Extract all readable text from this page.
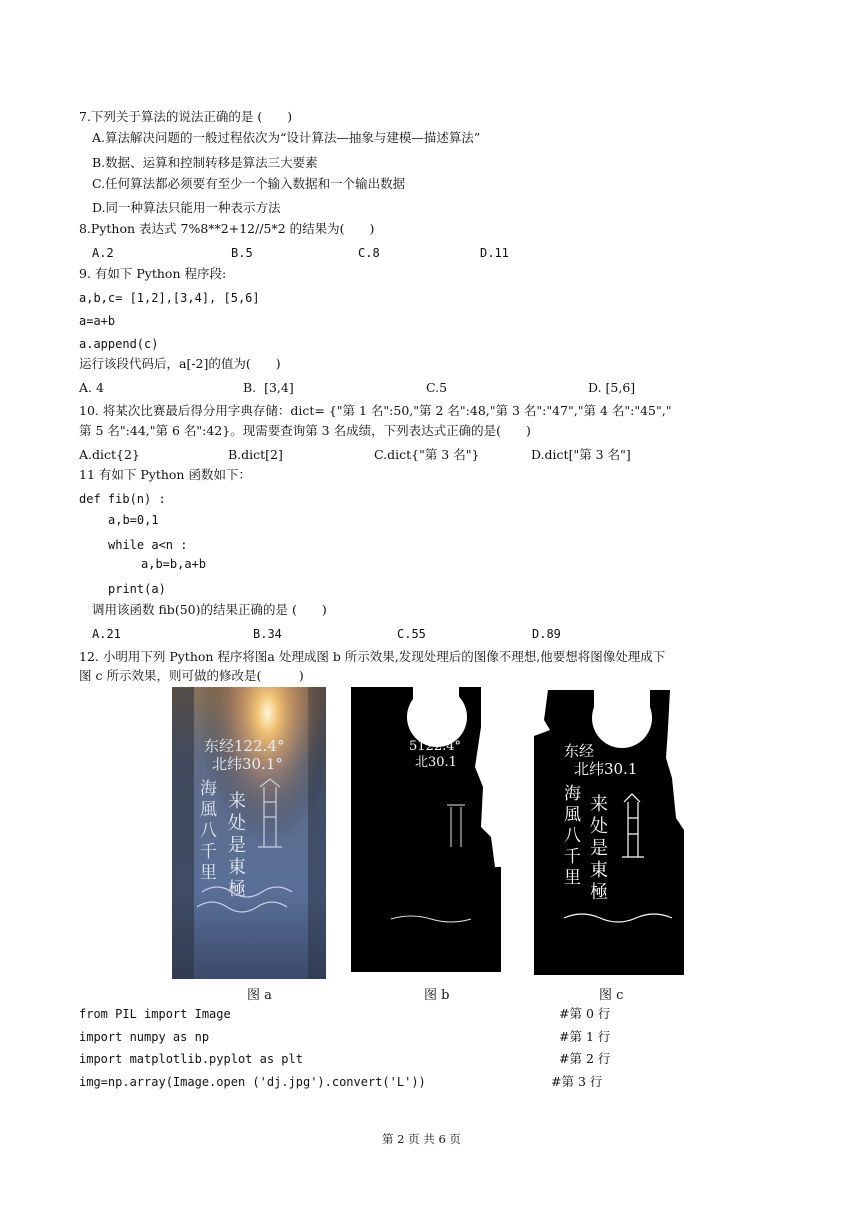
7.下列关于算法的说法正确的是 (　　)
A.算法解决问题的一般过程依次为“设计算法—抽象与建模—描述算法”
B.数据、运算和控制转移是算法三大要素
C.任何算法都必须要有至少一个输入数据和一个输出数据
D.同一种算法只能用一种表示方法
8.Python 表达式 7%8**2+12//5*2 的结果为(　　)
A.2	B.5	C.8	D.11
9. 有如下 Python 程序段:
a,b,c= [1,2],[3,4], [5,6]
a=a+b
a.append(c)
运行该段代码后，a[-2]的值为(　　)
A. 4	B.  [3,4]	C.5	D. [5,6]
10. 将某次比赛最后得分用字典存储：dict= {"第 1 名":50,"第 2 名":48,"第 3 名":"47","第 4 名":"45","
第 5 名":44,"第 6 名":42}。现需要查询第 3 名成绩，下列表达式正确的是(　　)
A.dict{2}	B.dict[2]	C.dict{"第 3 名"}	D.dict["第 3 名"]
11 有如下 Python 函数如下：
def fib(n) :
a,b=0,1
while a<n :
a,b=b,a+b
print(a)
调用该函数 fib(50)的结果正确的是 (　　)
A.21	B.34	C.55	D.89
12. 小明用下列 Python 程序将图a 处理成图 b 所示效果,发现处理后的图像不理想,他要想将图像处理成下
图 c 所示效果，则可做的修改是(　　　)
东经122.4°
北纬30.1°
海
風
八
千
里
来
处
是
東
極
5122.4°
北30.1
东经
北纬30.1
海
風
八
千
里
来
处
是
東
極
图 a	图 b	图 c
from PIL import Image	#第 0 行
import numpy as np	#第 1 行
import matplotlib.pyplot as plt	#第 2 行
img=np.array(Image.open ('dj.jpg').convert('L'))	#第 3 行
第 2 页 共 6 页
